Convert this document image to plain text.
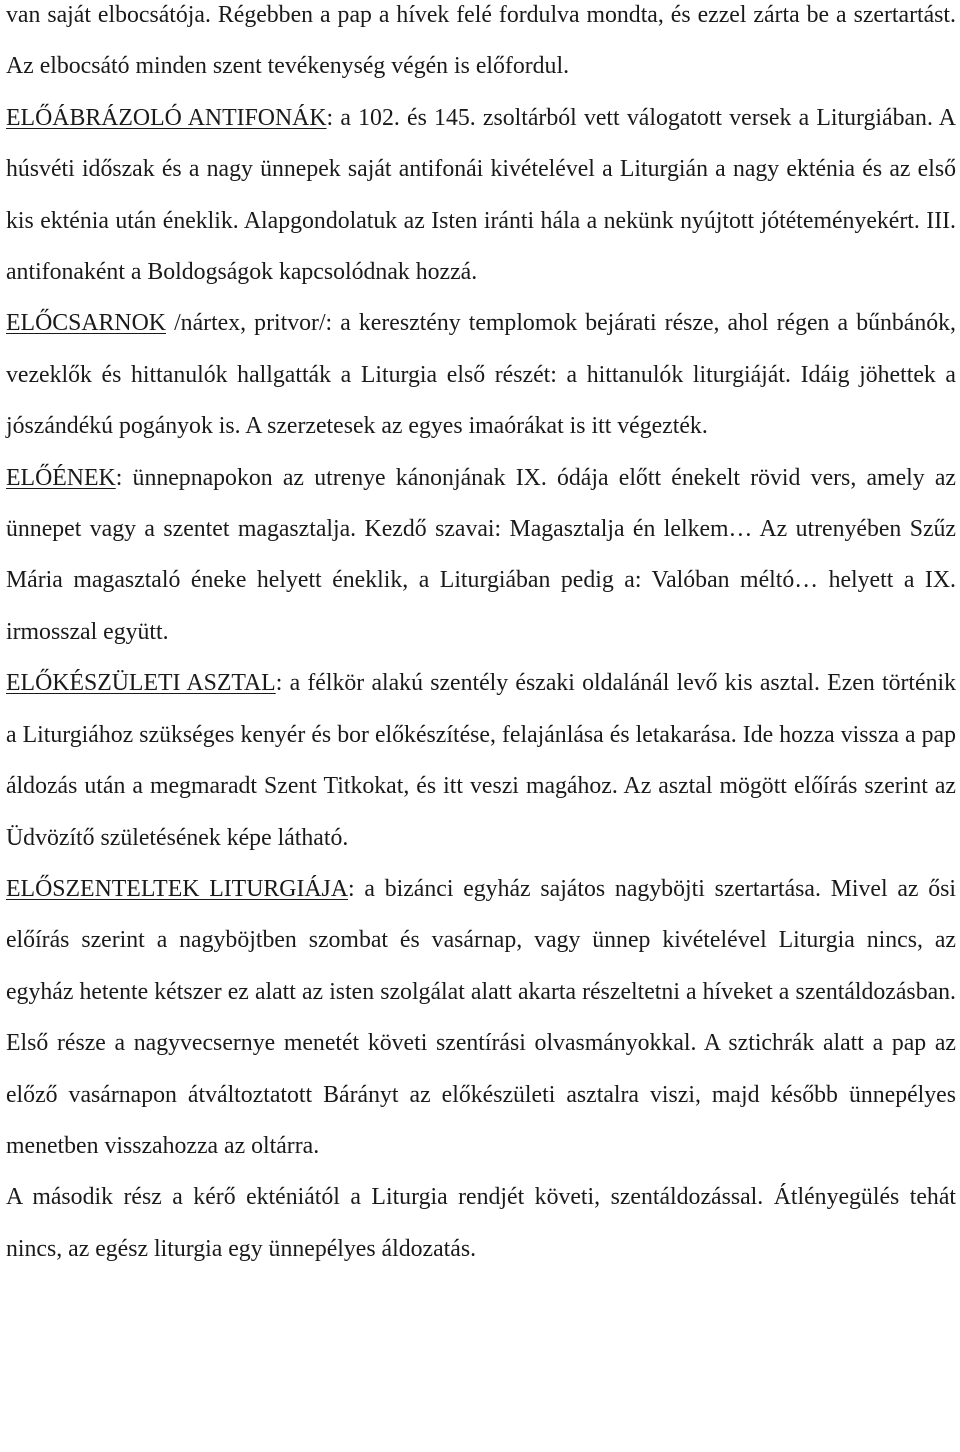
van saját elbocsátója. Régebben a pap a hívek felé fordulva mondta, és ezzel zárta be a szertartást. Az elbocsátó minden szent tevékenység végén is előfordul.

ELŐÁBRÁZOLÓ ANTIFONÁK: a 102. és 145. zsoltárból vett válogatott versek a Liturgiában. A húsvéti időszak és a nagy ünnepek saját antifonái kivételével a Liturgián a nagy ekténia és az első kis ekténia után éneklik. Alapgondolatuk az Isten iránti hála a nekünk nyújtott jótéteményekért. III. antifonaként a Boldogságok kapcsolódnak hozzá.

ELŐCSARNOK /nártex, pritvor/: a keresztény templomok bejárati része, ahol régen a bűnbánók, vezeklők és hittanulók hallgatták a Liturgia első részét: a hittanulók liturgiáját. Idáig jöhettek a jószándékú pogányok is. A szerzetesek az egyes imaórákat is itt végezték.

ELŐÉNEK: ünnepnapokon az utrenye kánonjának IX. ódája előtt énekelt rövid vers, amely az ünnepet vagy a szentet magasztalja. Kezdő szavai: Magasztalja én lelkem… Az utrenyében Szűz Mária magasztaló éneke helyett éneklik, a Liturgiában pedig a: Valóban méltó… helyett a IX. irmosszal együtt.

ELŐKÉSZÜLETI ASZTAL: a félkör alakú szentély északi oldalánál levő kis asztal. Ezen történik a Liturgiához szükséges kenyér és bor előkészítése, felajánlása és letakarása. Ide hozza vissza a pap áldozás után a megmaradt Szent Titkokat, és itt veszi magához. Az asztal mögött előírás szerint az Üdvözítő születésének képe látható.

ELŐSZENTELTEK LITURGIÁJA: a bizánci egyház sajátos nagyböjti szertartása. Mivel az ősi előírás szerint a nagyböjtben szombat és vasárnap, vagy ünnep kivételével Liturgia nincs, az egyház hetente kétszer ez alatt az isten szolgálat alatt akarta részeltetni a híveket a szentáldozásban. Első része a nagyvecsernye menetét követi szentírási olvasmányokkal. A sztichrák alatt a pap az előző vasárnapon átváltoztatott Bárányt az előkészületi asztalra viszi, majd később ünnepélyes menetben visszahozza az oltárra.

A második rész a kérő ekténiától a Liturgia rendjét követi, szentáldozással. Átlényegülés tehát nincs, az egész liturgia egy ünnepélyes áldozatás.
